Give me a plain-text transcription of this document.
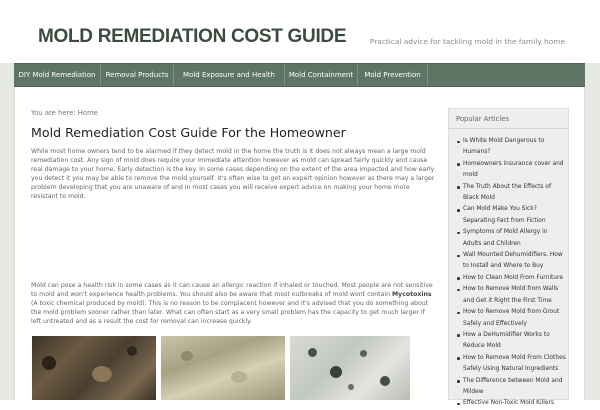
MOLD REMEDIATION COST GUIDE	Practical advice for tackling mold in the family home
DIY Mold Remediation	Removal Products	Mold Exposure and Health	Mold Containment	Mold Prevention
You are here: Home
Mold Remediation Cost Guide For the Homeowner
While most home owners tend to be alarmed if they detect mold in the home the truth is it does not always mean a large mold remediation cost. Any sign of mold does require your immediate attention however as mold can spread fairly quickly and cause real damage to your home. Early detection is the key. In some cases depending on the extent of the area impacted and how early you detect it you may be able to remove the mold yourself. It's often wise to get an expert opinion however as there may a larger problem developing that you are unaware of and in most cases you will receive expert advice on making your home more resistant to mold.
Mold can pose a health risk in some cases as it can cause an allergic reaction if inhaled or touched. Most people are not sensitive to mold and won't experience health problems. You should also be aware that most outbreaks of mold wont contain Mycotoxins (A toxic chemical produced by mold). This is no reason to be complacent however and it's advised that you do something about the mold problem sooner rather than later. What can often start as a very small problem has the capacity to get much larger if left untreated and as a result the cost for removal can increase quickly.
Popular Articles
Is White Mold Dangerous to Humans?
Homeowners insurance cover and mold
The Truth About the Effects of Black Mold
Can Mold Make You Sick? Separating Fact from Fiction
Symptoms of Mold Allergy in Adults and Children
Wall Mounted Dehumidifiers, How to Install and Where to Buy
How to Clean Mold From Furniture
How to Remove Mold from Walls and Get it Right the First Time
How to Remove Mold from Grout Safely and Effectively
How a DeHumidifier Works to Reduce Mold
How to Remove Mold From Clothes Safely Using Natural Ingredients
The Difference between Mold and Mildew
Effective Non-Toxic Mold Killers
